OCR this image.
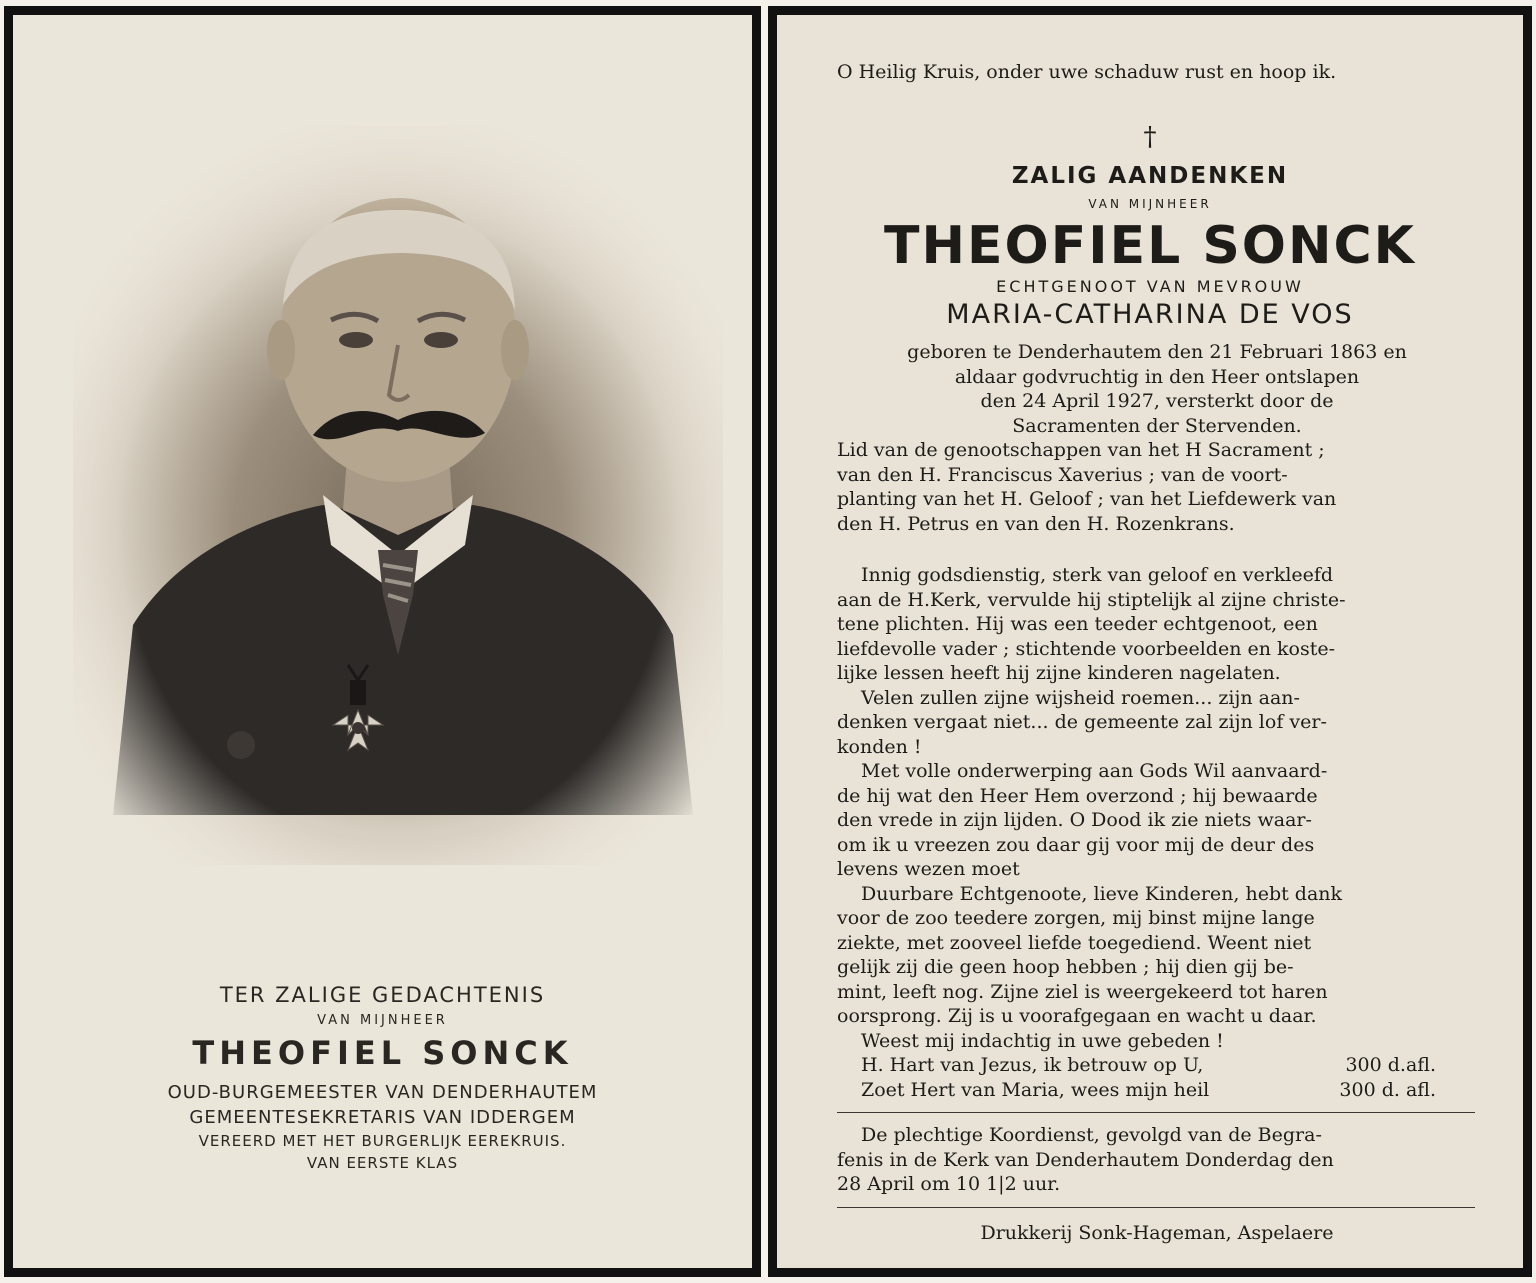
TER ZALIGE GEDACHTENIS
VAN MIJNHEER
THEOFIEL SONCK
OUD-BURGEMEESTER VAN DENDERHAUTEM
GEMEENTESEKRETARIS VAN IDDERGEM
VEREERD MET HET BURGERLIJK EEREKRUIS.
VAN EERSTE KLAS
O Heilig Kruis, onder uwe schaduw rust en hoop ik.
†
ZALIG AANDENKEN
VAN MIJNHEER
THEOFIEL SONCK
ECHTGENOOT VAN MEVROUW
MARIA-CATHARINA DE VOS
geboren te Denderhautem den 21 Februari 1863 en
aldaar godvruchtig in den Heer ontslapen
den 24 April 1927, versterkt door de
Sacramenten der Stervenden.

Lid van de genootschappen van het H Sacrament ;

van den H. Franciscus Xaverius ; van de voort-

planting van het H. Geloof ; van het Liefdewerk van

den H. Petrus en van den H. Rozenkrans.

Innig godsdienstig, sterk van geloof en verkleefd

aan de H.Kerk, vervulde hij stiptelijk al zijne christe-

tene plichten. Hij was een teeder echtgenoot, een

liefdevolle vader ; stichtende voorbeelden en koste-

lijke lessen heeft hij zijne kinderen nagelaten.

Velen zullen zijne wijsheid roemen... zijn aan-

denken vergaat niet... de gemeente zal zijn lof ver-

konden !

Met volle onderwerping aan Gods Wil aanvaard-

de hij wat den Heer Hem overzond ; hij bewaarde

den vrede in zijn lijden. O Dood ik zie niets waar-

om ik u vreezen zou daar gij voor mij de deur des

levens wezen moet

Duurbare Echtgenoote, lieve Kinderen, hebt dank

voor de zoo teedere zorgen, mij binst mijne lange

ziekte, met zooveel liefde toegediend. Weent niet

gelijk zij die geen hoop hebben ; hij dien gij be-

mint, leeft nog. Zijne ziel is weergekeerd tot haren

oorsprong. Zij is u voorafgegaan en wacht u daar.

Weest mij indachtig in uwe gebeden !

H. Hart van Jezus, ik betrouw op U,	300 d.afl.
Zoet Hert van Maria, wees mijn heil	300 d. afl.

De plechtige Koordienst, gevolgd van de Begra-

fenis in de Kerk van Denderhautem Donderdag den

28 April om 10 1|2 uur.

Drukkerij Sonk-Hageman, Aspelaere
